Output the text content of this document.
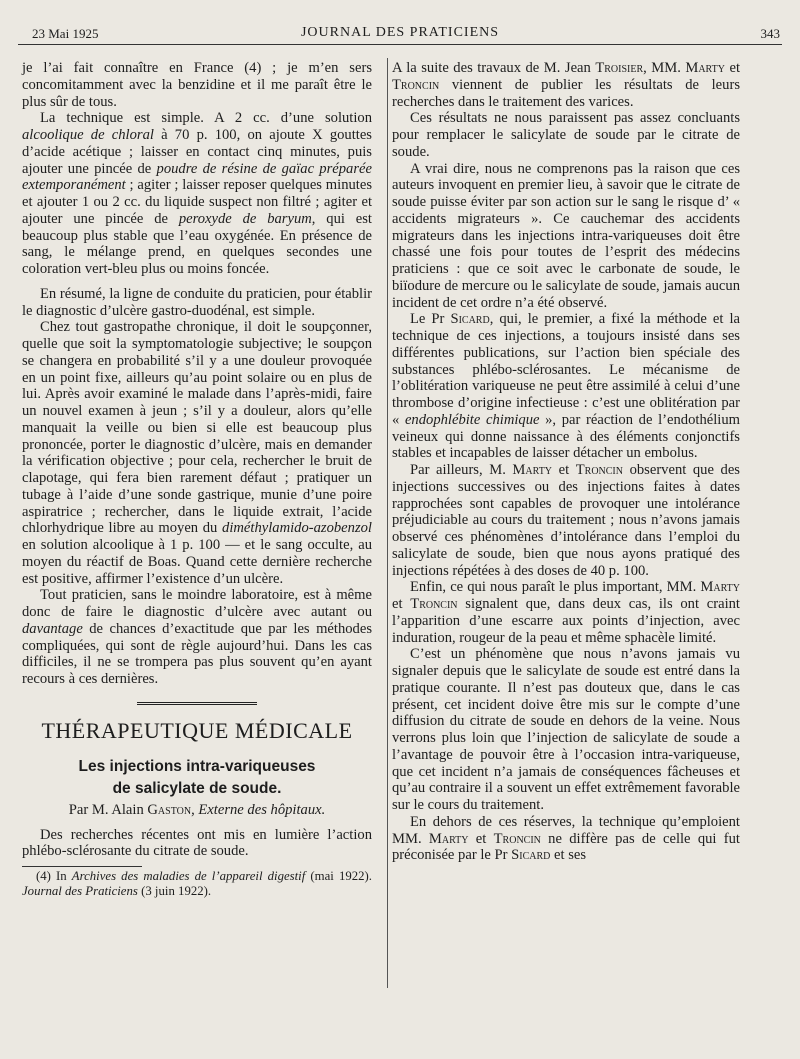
23 Mai 1925	JOURNAL DES PRATICIENS	343

je l’ai fait connaître en France (4) ; je m’en sers concomitamment avec la benzidine et il me paraît être le plus sûr de tous.

La technique est simple. A 2 cc. d’une solution alcoolique de chloral à 70 p. 100, on ajoute X gouttes d’acide acétique ; laisser en contact cinq minutes, puis ajouter une pincée de poudre de résine de gaïac préparée extemporanément ; agiter ; laisser reposer quelques minutes et ajouter 1 ou 2 cc. du liquide suspect non filtré ; agiter et ajouter une pincée de peroxyde de baryum, qui est beaucoup plus stable que l’eau oxygénée. En présence de sang, le mélange prend, en quelques secondes une coloration vert-bleu plus ou moins foncée.

En résumé, la ligne de conduite du praticien, pour établir le diagnostic d’ulcère gastro-duodénal, est simple.

Chez tout gastropathe chronique, il doit le soupçonner, quelle que soit la symptomatologie subjective; le soupçon se changera en probabilité s’il y a une douleur provoquée en un point fixe, ailleurs qu’au point solaire ou en plus de lui. Après avoir examiné le malade dans l’après-midi, faire un nouvel examen à jeun ; s’il y a douleur, alors qu’elle manquait la veille ou bien si elle est beaucoup plus prononcée, porter le diagnostic d’ulcère, mais en demander la vérification objective ; pour cela, rechercher le bruit de clapotage, qui fera bien rarement défaut ; pratiquer un tubage à l’aide d’une sonde gastrique, munie d’une poire aspiratrice ; rechercher, dans le liquide extrait, l’acide chlorhydrique libre au moyen du diméthylamido-azobenzol en solution alcoolique à 1 p. 100 — et le sang occulte, au moyen du réactif de Boas. Quand cette dernière recherche est positive, affirmer l’existence d’un ulcère.

Tout praticien, sans le moindre laboratoire, est à même donc de faire le diagnostic d’ulcère avec autant ou davantage de chances d’exactitude que par les méthodes compliquées, qui sont de règle aujourd’hui. Dans les cas difficiles, il ne se trompera pas plus souvent qu’en ayant recours à ces dernières.

THÉRAPEUTIQUE MÉDICALE
Les injections intra-variqueuses
de salicylate de soude.
Par M. Alain Gaston, Externe des hôpitaux.

Des recherches récentes ont mis en lumière l’action phlébo-sclérosante du citrate de soude.

(4) In Archives des maladies de l’appareil digestif (mai 1922). Journal des Praticiens (3 juin 1922).

A la suite des travaux de M. Jean Troisier, MM. Marty et Troncin viennent de publier les résultats de leurs recherches dans le traitement des varices.

Ces résultats ne nous paraissent pas assez concluants pour remplacer le salicylate de soude par le citrate de soude.

A vrai dire, nous ne comprenons pas la raison que ces auteurs invoquent en premier lieu, à savoir que le citrate de soude puisse éviter par son action sur le sang le risque d’ « accidents migrateurs ». Ce cauchemar des accidents migrateurs dans les injections intra-variqueuses doit être chassé une fois pour toutes de l’esprit des médecins praticiens : que ce soit avec le carbonate de soude, le biïodure de mercure ou le salicylate de soude, jamais aucun incident de cet ordre n’a été observé.

Le Pr Sicard, qui, le premier, a fixé la méthode et la technique de ces injections, a toujours insisté dans ses différentes publications, sur l’action bien spéciale des substances phlébo-sclérosantes. Le mécanisme de l’oblitération variqueuse ne peut être assimilé à celui d’une thrombose d’origine infectieuse : c’est une oblitération par « endophlébite chimique », par réaction de l’endothélium veineux qui donne naissance à des éléments conjonctifs stables et incapables de laisser détacher un embolus.

Par ailleurs, M. Marty et Troncin observent que des injections successives ou des injections faites à dates rapprochées sont capables de provoquer une intolérance préjudiciable au cours du traitement ; nous n’avons jamais observé ces phénomènes d’intolérance dans l’emploi du salicylate de soude, bien que nous ayons pratiqué des injections répétées à des doses de 40 p. 100.

Enfin, ce qui nous paraît le plus important, MM. Marty et Troncin signalent que, dans deux cas, ils ont craint l’apparition d’une escarre aux points d’injection, avec induration, rougeur de la peau et même sphacèle limité.

C’est un phénomène que nous n’avons jamais vu signaler depuis que le salicylate de soude est entré dans la pratique courante. Il n’est pas douteux que, dans le cas présent, cet incident doive être mis sur le compte d’une diffusion du citrate de soude en dehors de la veine. Nous verrons plus loin que l’injection de salicylate de soude a l’avantage de pouvoir être à l’occasion intra-variqueuse, que cet incident n’a jamais de conséquences fâcheuses et qu’au contraire il a souvent un effet extrêmement favorable sur le cours du traitement.

En dehors de ces réserves, la technique qu’emploient MM. Marty et Troncin ne diffère pas de celle qui fut préconisée par le Pr Sicard et ses
